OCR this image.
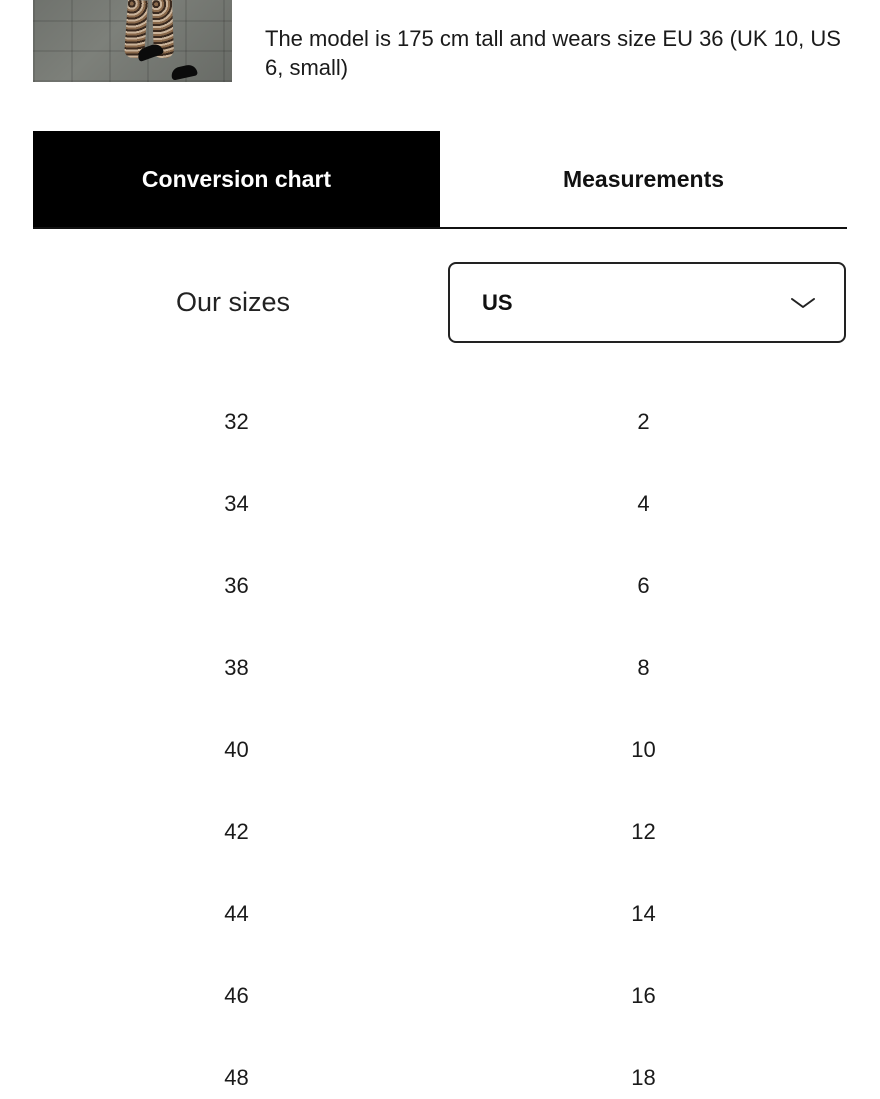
The model is 175 cm tall and wears size EU 36 (UK 10, US 6, small)

Conversion chart	Measurements
Our sizes	US
32	2
34	4
36	6
38	8
40	10
42	12
44	14
46	16
48	18
